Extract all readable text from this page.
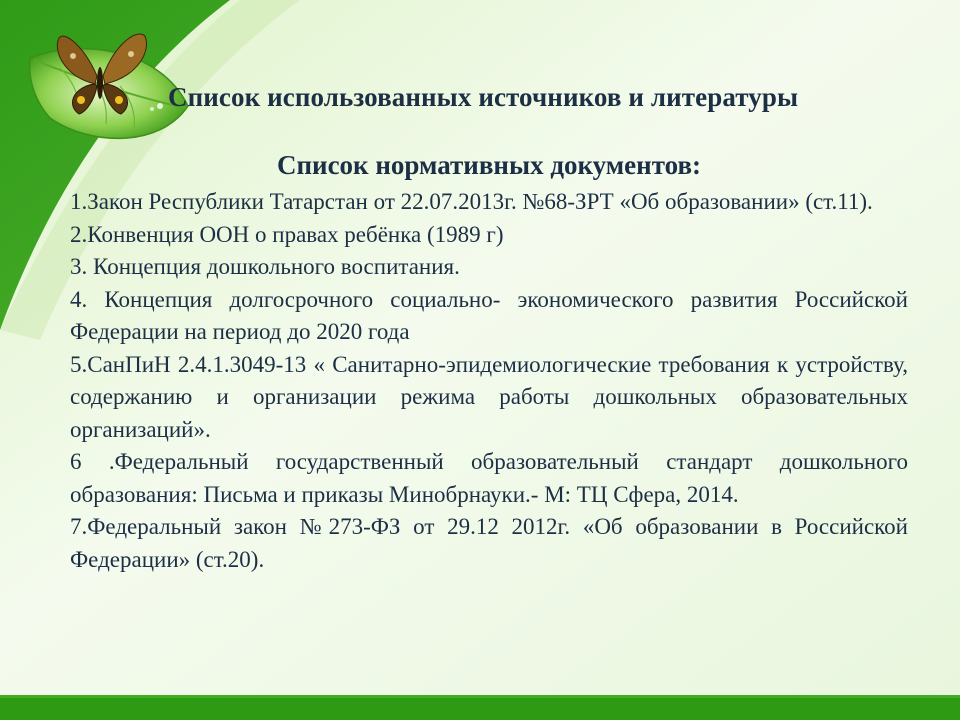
Список использованных источников и литературы
Список нормативных документов:
1.Закон Республики Татарстан от 22.07.2013г. №68-ЗРТ «Об образовании» (ст.11).
2.Конвенция ООН о правах ребёнка (1989 г)
3. Концепция дошкольного воспитания.
4. Концепция долгосрочного социально- экономического развития Российской Федерации на период до 2020 года
5.СанПиН 2.4.1.3049-13 « Санитарно-эпидемиологические требования к устройству, содержанию и организации режима работы дошкольных образовательных организаций».
6 .Федеральный государственный образовательный стандарт дошкольного образования: Письма и приказы Минобрнауки.- М: ТЦ Сфера, 2014.
7.Федеральный закон №273-ФЗ от 29.12 2012г. «Об образовании в Российской Федерации» (ст.20).
